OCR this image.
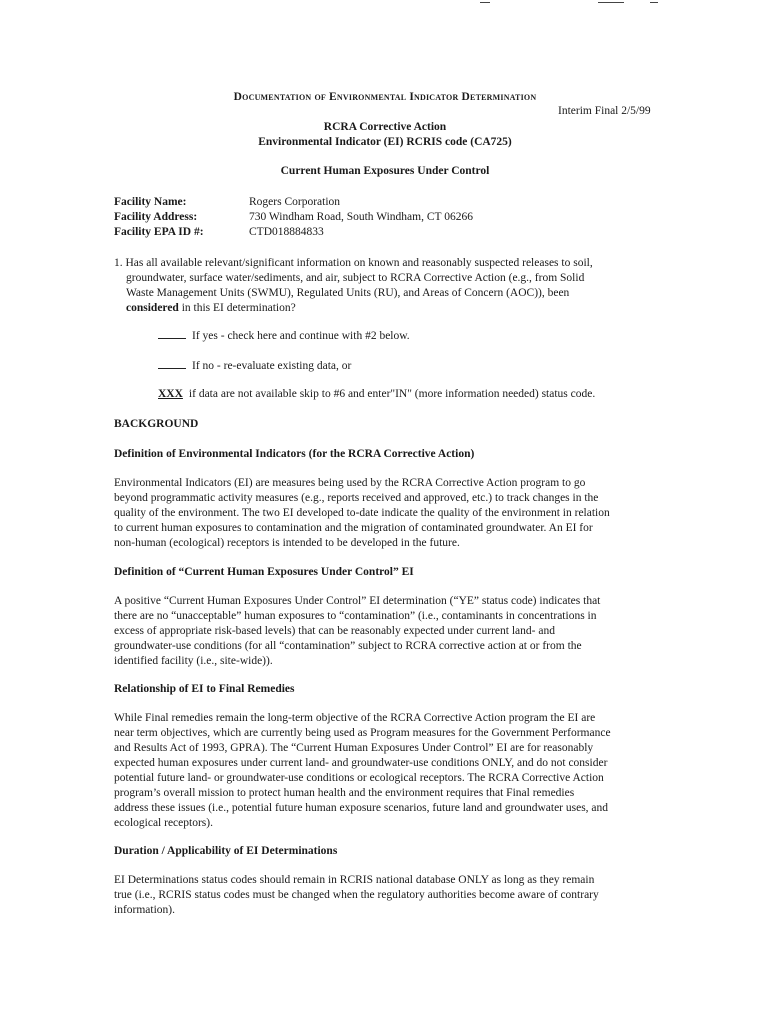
Documentation of Environmental Indicator Determination
Interim Final 2/5/99
RCRA Corrective Action
Environmental Indicator (EI) RCRIS code (CA725)
Current Human Exposures Under Control
Facility Name:	Rogers Corporation
Facility Address:	730 Windham Road, South Windham, CT 06266
Facility EPA ID #:	CTD018884833
1. Has all available relevant/significant information on known and reasonably suspected releases to soil,
groundwater, surface water/sediments, and air, subject to RCRA Corrective Action (e.g., from Solid
Waste Management Units (SWMU), Regulated Units (RU), and Areas of Concern (AOC)), been
considered in this EI determination?
If yes - check here and continue with #2 below.
If no - re-evaluate existing data, or
XXX if data are not available skip to #6 and enter"IN" (more information needed) status code.
BACKGROUND
Definition of Environmental Indicators (for the RCRA Corrective Action)
Environmental Indicators (EI) are measures being used by the RCRA Corrective Action program to go
beyond programmatic activity measures (e.g., reports received and approved, etc.) to track changes in the
quality of the environment. The two EI developed to-date indicate the quality of the environment in relation
to current human exposures to contamination and the migration of contaminated groundwater. An EI for
non-human (ecological) receptors is intended to be developed in the future.
Definition of “Current Human Exposures Under Control” EI
A positive “Current Human Exposures Under Control” EI determination (“YE” status code) indicates that
there are no “unacceptable” human exposures to “contamination” (i.e., contaminants in concentrations in
excess of appropriate risk-based levels) that can be reasonably expected under current land- and
groundwater-use conditions (for all “contamination” subject to RCRA corrective action at or from the
identified facility (i.e., site-wide)).
Relationship of EI to Final Remedies
While Final remedies remain the long-term objective of the RCRA Corrective Action program the EI are
near term objectives, which are currently being used as Program measures for the Government Performance
and Results Act of 1993, GPRA). The “Current Human Exposures Under Control” EI are for reasonably
expected human exposures under current land- and groundwater-use conditions ONLY, and do not consider
potential future land- or groundwater-use conditions or ecological receptors. The RCRA Corrective Action
program’s overall mission to protect human health and the environment requires that Final remedies
address these issues (i.e., potential future human exposure scenarios, future land and groundwater uses, and
ecological receptors).
Duration / Applicability of EI Determinations
EI Determinations status codes should remain in RCRIS national database ONLY as long as they remain
true (i.e., RCRIS status codes must be changed when the regulatory authorities become aware of contrary
information).
